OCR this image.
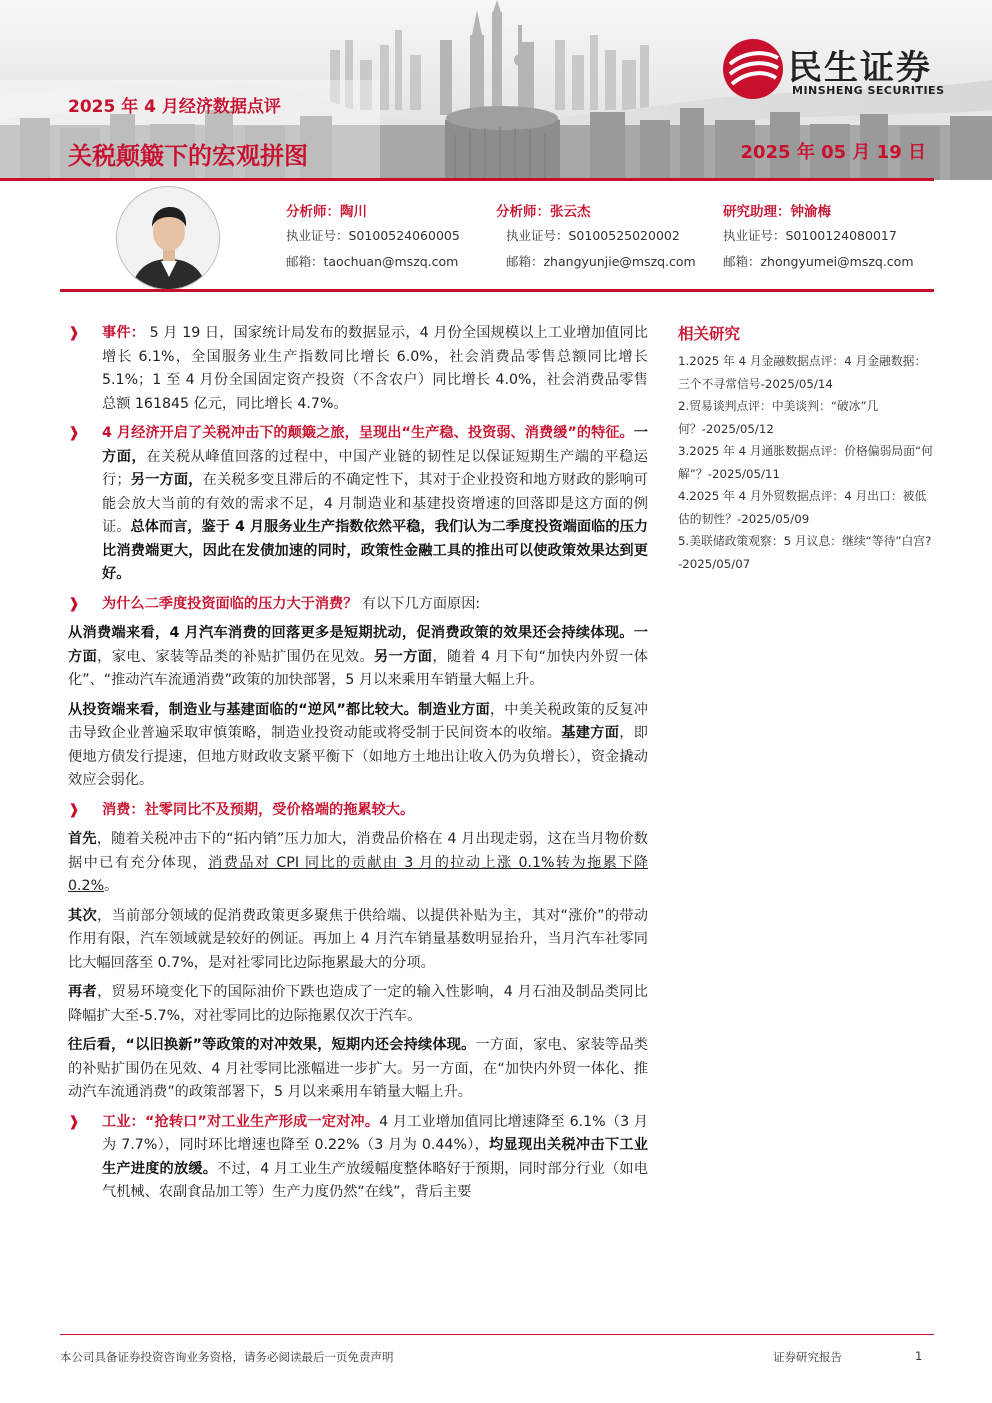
2025 年 4 月经济数据点评
关税颠簸下的宏观拼图	2025 年 05 月 19 日
民生证券
MINSHENG SECURITIES
分析师：陶川
执业证号：S0100524060005
邮箱：taochuan@mszq.com
分析师：张云杰
执业证号：S0100525020002
邮箱：zhangyunjie@mszq.com
研究助理：钟渝梅
执业证号：S0100124080017
邮箱：zhongyumei@mszq.com
❱ 事件： 5 月 19 日，国家统计局发布的数据显示，4 月份全国规模以上工业增加值同比增长 6.1%，全国服务业生产指数同比增长 6.0%，社会消费品零售总额同比增长 5.1%；1 至 4 月份全国固定资产投资（不含农户）同比增长 4.0%，社会消费品零售总额 161845 亿元，同比增长 4.7%。
❱ 4 月经济开启了关税冲击下的颠簸之旅，呈现出“生产稳、投资弱、消费缓”的特征。一方面，在关税从峰值回落的过程中，中国产业链的韧性足以保证短期生产端的平稳运行；另一方面，在关税多变且滞后的不确定性下，其对于企业投资和地方财政的影响可能会放大当前的有效的需求不足，4 月制造业和基建投资增速的回落即是这方面的例证。总体而言，鉴于 4 月服务业生产指数依然平稳，我们认为二季度投资端面临的压力比消费端更大，因此在发债加速的同时，政策性金融工具的推出可以使政策效果达到更好。
❱ 为什么二季度投资面临的压力大于消费？ 有以下几方面原因:
从消费端来看，4 月汽车消费的回落更多是短期扰动，促消费政策的效果还会持续体现。一方面，家电、家装等品类的补贴扩围仍在见效。另一方面，随着 4 月下旬“加快内外贸一体化”、“推动汽车流通消费”政策的加快部署，5 月以来乘用车销量大幅上升。
从投资端来看，制造业与基建面临的“逆风”都比较大。制造业方面，中美关税政策的反复冲击导致企业普遍采取审慎策略，制造业投资动能或将受制于民间资本的收缩。基建方面，即便地方债发行提速，但地方财政收支紧平衡下（如地方土地出让收入仍为负增长），资金撬动效应会弱化。
❱ 消费：社零同比不及预期，受价格端的拖累较大。
首先，随着关税冲击下的“拓内销”压力加大，消费品价格在 4 月出现走弱，这在当月物价数据中已有充分体现，消费品对 CPI 同比的贡献由 3 月的拉动上涨 0.1%转为拖累下降 0.2%。
其次，当前部分领域的促消费政策更多聚焦于供给端、以提供补贴为主，其对“涨价”的带动作用有限，汽车领域就是较好的例证。再加上 4 月汽车销量基数明显抬升，当月汽车社零同比大幅回落至 0.7%，是对社零同比边际拖累最大的分项。
再者，贸易环境变化下的国际油价下跌也造成了一定的输入性影响，4 月石油及制品类同比降幅扩大至-5.7%，对社零同比的边际拖累仅次于汽车。
往后看，“以旧换新”等政策的对冲效果，短期内还会持续体现。一方面，家电、家装等品类的补贴扩围仍在见效、4 月社零同比涨幅进一步扩大。另一方面，在“加快内外贸一体化、推动汽车流通消费”的政策部署下，5 月以来乘用车销量大幅上升。
❱ 工业：“抢转口”对工业生产形成一定对冲。4 月工业增加值同比增速降至 6.1%（3 月为 7.7%），同时环比增速也降至 0.22%（3 月为 0.44%），均显现出关税冲击下工业生产进度的放缓。不过，4 月工业生产放缓幅度整体略好于预期，同时部分行业（如电气机械、农副食品加工等）生产力度仍然“在线”，背后主要
相关研究
1.2025 年 4 月金融数据点评：4 月金融数据：三个不寻常信号-2025/05/14
2.贸易谈判点评：中美谈判：“破冰”几何？-2025/05/12
3.2025 年 4 月通胀数据点评：价格偏弱局面“何解”？-2025/05/11
4.2025 年 4 月外贸数据点评：4 月出口：被低估的韧性？-2025/05/09
5.美联储政策观察：5 月议息：继续“等待”白宫?-2025/05/07
本公司具备证券投资咨询业务资格，请务必阅读最后一页免责声明	证券研究报告	1
